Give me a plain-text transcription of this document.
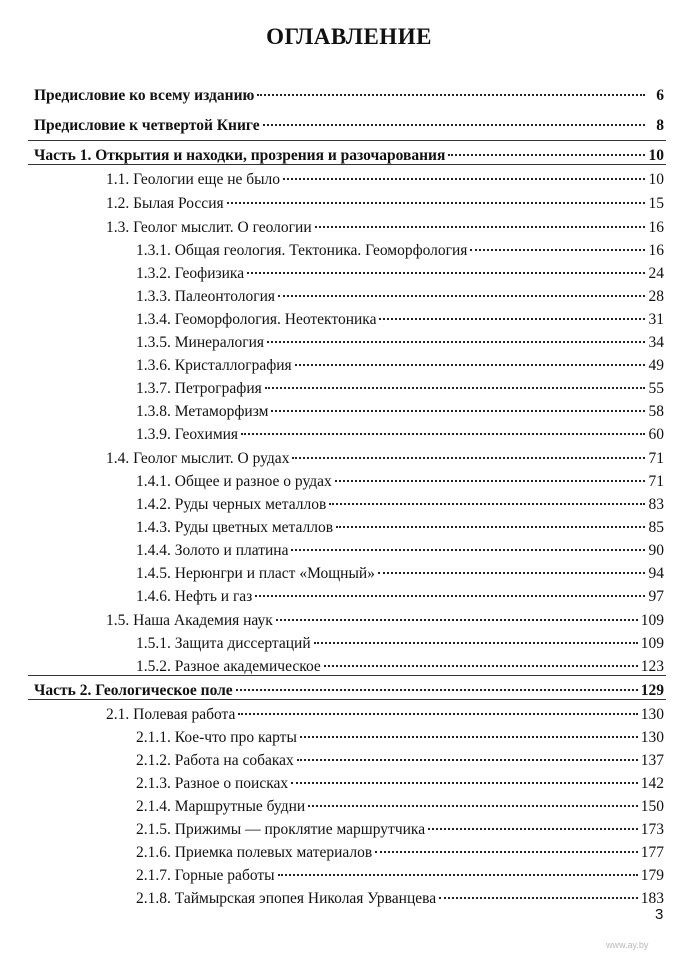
ОГЛАВЛЕНИЕ
Предисловие ко всему изданию	6
Предисловие к четвертой Книге	8
Часть 1. Открытия и находки, прозрения и разочарования	10
1.1. Геологии еще не было	10
1.2. Былая Россия	15
1.3. Геолог мыслит. О геологии	16
1.3.1. Общая геология. Тектоника. Геоморфология	16
1.3.2. Геофизика	24
1.3.3. Палеонтология	28
1.3.4. Геоморфология. Неотектоника	31
1.3.5. Минералогия	34
1.3.6. Кристаллография	49
1.3.7. Петрография	55
1.3.8. Метаморфизм	58
1.3.9. Геохимия	60
1.4. Геолог мыслит. О рудах	71
1.4.1. Общее и разное о рудах	71
1.4.2. Руды черных металлов	83
1.4.3. Руды цветных металлов	85
1.4.4. Золото и платина	90
1.4.5. Нерюнгри и пласт «Мощный»	94
1.4.6. Нефть и газ	97
1.5. Наша Академия наук	109
1.5.1. Защита диссертаций	109
1.5.2. Разное академическое	123
Часть 2. Геологическое поле	129
2.1. Полевая работа	130
2.1.1. Кое-что про карты	130
2.1.2. Работа на собаках	137
2.1.3. Разное о поисках	142
2.1.4. Маршрутные будни	150
2.1.5. Прижимы — проклятие маршрутчика	173
2.1.6. Приемка полевых материалов	177
2.1.7. Горные работы	179
2.1.8. Таймырская эпопея Николая Урванцева	183
3
www.ay.by
